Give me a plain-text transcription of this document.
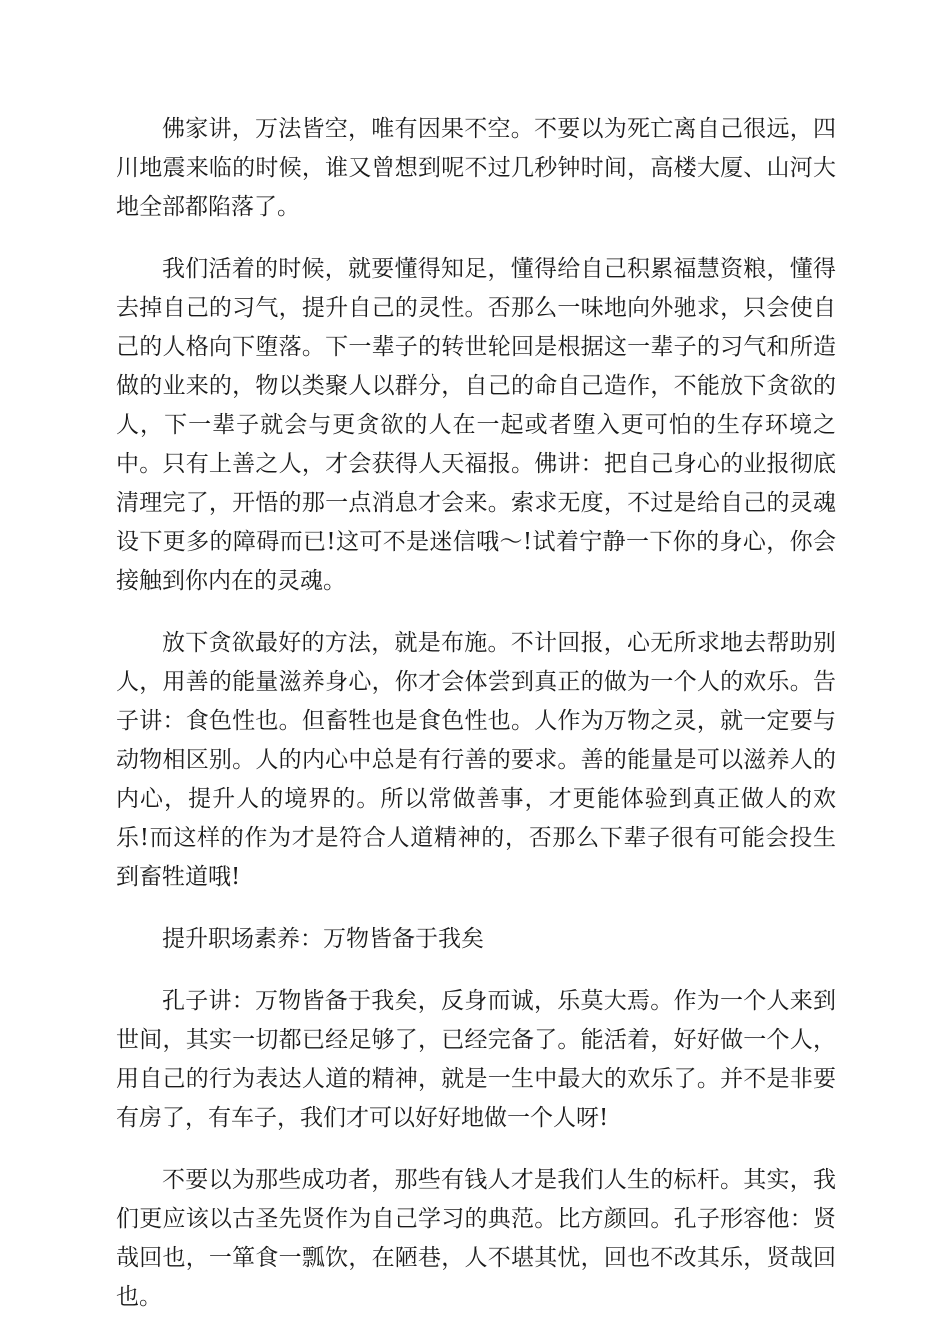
佛家讲，万法皆空，唯有因果不空。不要以为死亡离自己很远，四川地震来临的时候，谁又曾想到呢不过几秒钟时间，高楼大厦、山河大地全部都陷落了。

我们活着的时候，就要懂得知足，懂得给自己积累福慧资粮，懂得去掉自己的习气，提升自己的灵性。否那么一味地向外驰求，只会使自己的人格向下堕落。下一辈子的转世轮回是根据这一辈子的习气和所造做的业来的，物以类聚人以群分，自己的命自己造作，不能放下贪欲的人，下一辈子就会与更贪欲的人在一起或者堕入更可怕的生存环境之中。只有上善之人，才会获得人天福报。佛讲：把自己身心的业报彻底清理完了，开悟的那一点消息才会来。索求无度，不过是给自己的灵魂设下更多的障碍而已!这可不是迷信哦～!试着宁静一下你的身心，你会接触到你内在的灵魂。

放下贪欲最好的方法，就是布施。不计回报，心无所求地去帮助别人，用善的能量滋养身心，你才会体尝到真正的做为一个人的欢乐。告子讲：食色性也。但畜牲也是食色性也。人作为万物之灵，就一定要与动物相区别。人的内心中总是有行善的要求。善的能量是可以滋养人的内心，提升人的境界的。所以常做善事，才更能体验到真正做人的欢乐!而这样的作为才是符合人道精神的，否那么下辈子很有可能会投生到畜牲道哦!

提升职场素养：万物皆备于我矣

孔子讲：万物皆备于我矣，反身而诚，乐莫大焉。作为一个人来到世间，其实一切都已经足够了，已经完备了。能活着，好好做一个人，用自己的行为表达人道的精神，就是一生中最大的欢乐了。并不是非要有房了，有车子，我们才可以好好地做一个人呀!

不要以为那些成功者，那些有钱人才是我们人生的标杆。其实，我们更应该以古圣先贤作为自己学习的典范。比方颜回。孔子形容他：贤哉回也，一箪食一瓢饮，在陋巷，人不堪其忧，回也不改其乐，贤哉回也。
